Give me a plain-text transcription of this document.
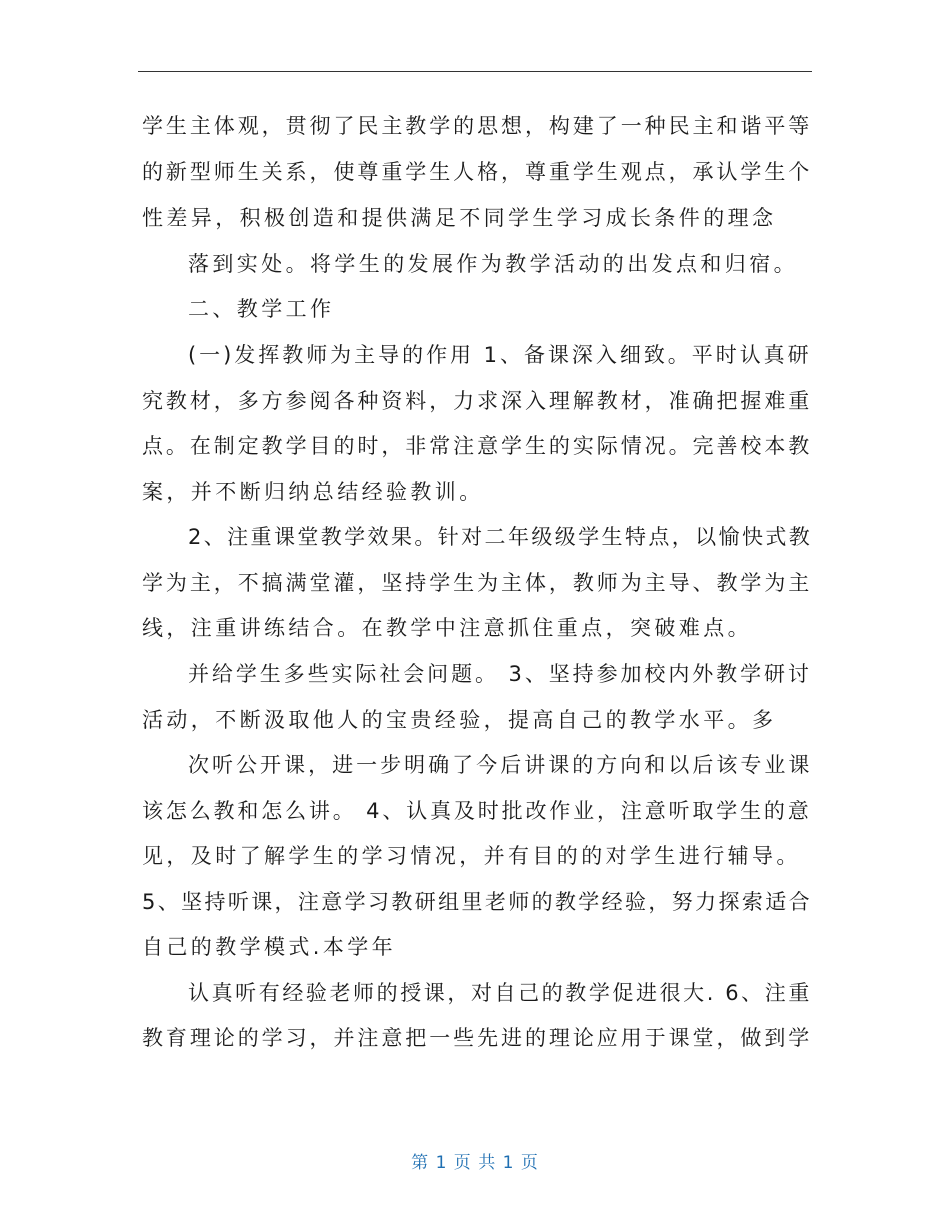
学生主体观，贯彻了民主教学的思想，构建了一种民主和谐平等
的新型师生关系，使尊重学生人格，尊重学生观点，承认学生个
性差异，积极创造和提供满足不同学生学习成长条件的理念
落到实处。将学生的发展作为教学活动的出发点和归宿。
二、教学工作
(一)发挥教师为主导的作用 1、备课深入细致。平时认真研
究教材，多方参阅各种资料，力求深入理解教材，准确把握难重
点。在制定教学目的时，非常注意学生的实际情况。完善校本教
案，并不断归纳总结经验教训。
2、注重课堂教学效果。针对二年级级学生特点，以愉快式教
学为主，不搞满堂灌，坚持学生为主体，教师为主导、教学为主
线，注重讲练结合。在教学中注意抓住重点，突破难点。
并给学生多些实际社会问题。 3、坚持参加校内外教学研讨
活动，不断汲取他人的宝贵经验，提高自己的教学水平。多
次听公开课，进一步明确了今后讲课的方向和以后该专业课
该怎么教和怎么讲。 4、认真及时批改作业，注意听取学生的意
见，及时了解学生的学习情况，并有目的的对学生进行辅导。
5、坚持听课，注意学习教研组里老师的教学经验，努力探索适合
自己的教学模式.本学年
认真听有经验老师的授课，对自己的教学促进很大. 6、注重
教育理论的学习，并注意把一些先进的理论应用于课堂，做到学
第 1 页 共 1 页
